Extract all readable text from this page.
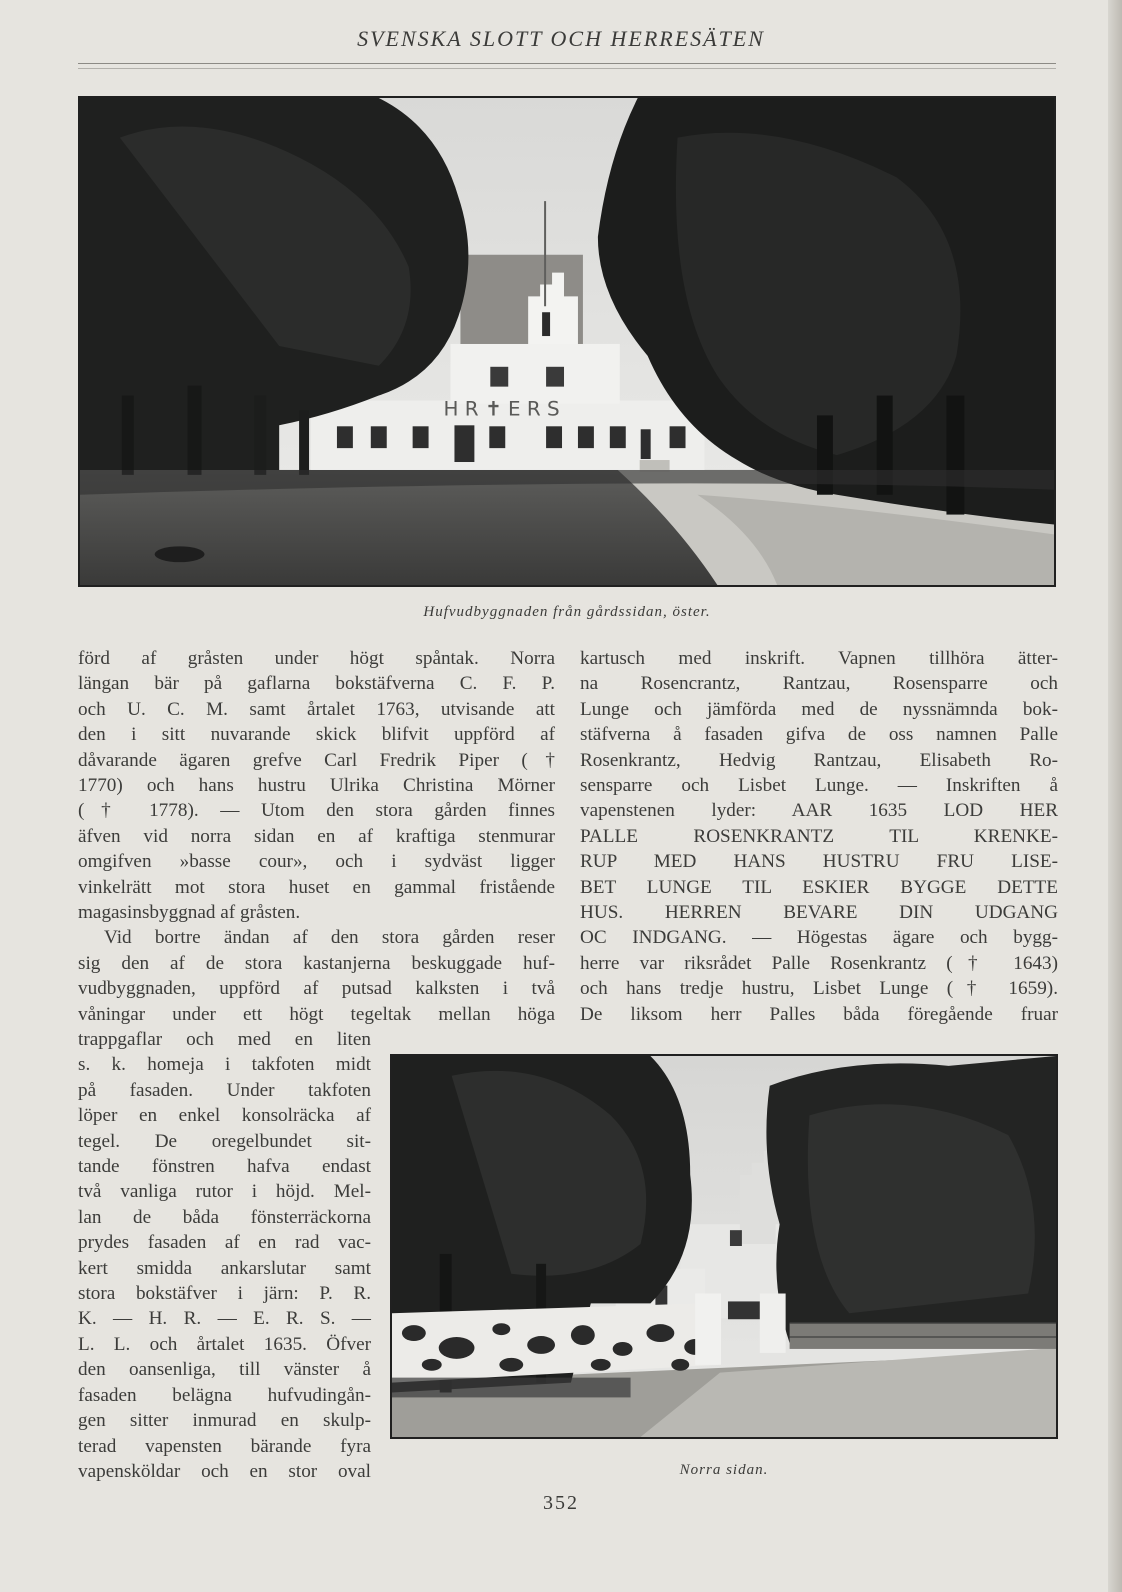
SVENSKA SLOTT OCH HERRESÄTEN
H R ✝ E R S
Hufvudbyggnaden från gårdssidan, öster.

förd af gråsten under högt spåntak. Norra

längan bär på gaflarna bokstäfverna C. F. P.

och U. C. M. samt årtalet 1763, utvisande att

den i sitt nuvarande skick blifvit uppförd af

dåvarande ägaren grefve Carl Fredrik Piper (†

1770) och hans hustru Ulrika Christina Mörner

(† 1778). — Utom den stora gården finnes

äfven vid norra sidan en af kraftiga stenmurar

omgifven »basse cour», och i sydväst ligger

vinkelrätt mot stora huset en gammal fristående

magasinsbyggnad af gråsten.

Vid bortre ändan af den stora gården reser

sig den af de stora kastanjerna beskuggade huf-

vudbyggnaden, uppförd af putsad kalksten i två

våningar under ett högt tegeltak mellan höga

kartusch med inskrift. Vapnen tillhöra ätter-

na Rosencrantz, Rantzau, Rosensparre och

Lunge och jämförda med de nyssnämnda bok-

stäfverna å fasaden gifva de oss namnen Palle

Rosenkrantz, Hedvig Rantzau, Elisabeth Ro-

sensparre och Lisbet Lunge. — Inskriften å

vapenstenen lyder: AAR 1635 LOD HER

PALLE ROSENKRANTZ TIL KRENKE-

RUP MED HANS HUSTRU FRU LISE-

BET LUNGE TIL ESKIER BYGGE DETTE

HUS. HERREN BEVARE DIN UDGANG

OC INDGANG. — Högestas ägare och bygg-

herre var riksrådet Palle Rosenkrantz († 1643)

och hans tredje hustru, Lisbet Lunge († 1659).

De liksom herr Palles båda föregående fruar

trappgaflar och med en liten

s. k. homeja i takfoten midt

på fasaden. Under takfoten

löper en enkel konsolräcka af

tegel. De oregelbundet sit-

tande fönstren hafva endast

två vanliga rutor i höjd. Mel-

lan de båda fönsterräckorna

prydes fasaden af en rad vac-

kert smidda ankarslutar samt

stora bokstäfver i järn: P. R.

K. — H. R. — E. R. S. —

L. L. och årtalet 1635. Öfver

den oansenliga, till vänster å

fasaden belägna hufvudingån-

gen sitter inmurad en skulp-

terad vapensten bärande fyra

vapensköldar och en stor oval	Norra sidan.
352
